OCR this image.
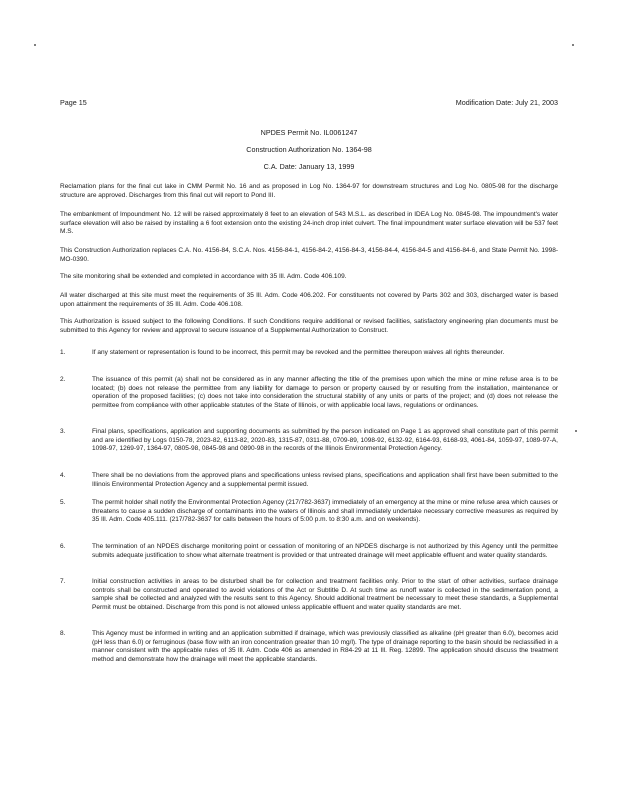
Page 15	Modification Date: July 21, 2003
NPDES Permit No. IL0061247
Construction Authorization No. 1364-98
C.A. Date: January 13, 1999
Reclamation plans for the final cut lake in CMM Permit No. 16 and as proposed in Log No. 1364-97 for downstream structures and Log No. 0805-98 for the discharge structure are approved. Discharges from this final cut will report to Pond III.
The embankment of Impoundment No. 12 will be raised approximately 8 feet to an elevation of 543 M.S.L. as described in IDEA Log No. 0845-98. The impoundment's water surface elevation will also be raised by installing a 6 foot extension onto the existing 24-inch drop inlet culvert. The final impoundment water surface elevation will be 537 feet M.S.
This Construction Authorization replaces C.A. No. 4156-84, S.C.A. Nos. 4156-84-1, 4156-84-2, 4156-84-3, 4156-84-4, 4156-84-5 and 4156-84-6, and State Permit No. 1998-MO-0390.
The site monitoring shall be extended and completed in accordance with 35 Ill. Adm. Code 406.109.
All water discharged at this site must meet the requirements of 35 Ill. Adm. Code 406.202. For constituents not covered by Parts 302 and 303, discharged water is based upon attainment the requirements of 35 Ill. Adm. Code 406.108.
This Authorization is issued subject to the following Conditions. If such Conditions require additional or revised facilities, satisfactory engineering plan documents must be submitted to this Agency for review and approval to secure issuance of a Supplemental Authorization to Construct.
1.	If any statement or representation is found to be incorrect, this permit may be revoked and the permittee thereupon waives all rights thereunder.
2.	The issuance of this permit (a) shall not be considered as in any manner affecting the title of the premises upon which the mine or mine refuse area is to be located; (b) does not release the permittee from any liability for damage to person or property caused by or resulting from the installation, maintenance or operation of the proposed facilities; (c) does not take into consideration the structural stability of any units or parts of the project; and (d) does not release the permittee from compliance with other applicable statutes of the State of Illinois, or with applicable local laws, regulations or ordinances.
3.	Final plans, specifications, application and supporting documents as submitted by the person indicated on Page 1 as approved shall constitute part of this permit and are identified by Logs 0150-78, 2023-82, 6113-82, 2020-83, 1315-87, 0311-88, 0709-89, 1098-92, 6132-92, 6164-93, 6168-93, 4061-84, 1059-97, 1089-97-A, 1098-97, 1269-97, 1364-97, 0805-98, 0845-98 and 0890-98 in the records of the Illinois Environmental Protection Agency.
4.	There shall be no deviations from the approved plans and specifications unless revised plans, specifications and application shall first have been submitted to the Illinois Environmental Protection Agency and a supplemental permit issued.
5.	The permit holder shall notify the Environmental Protection Agency (217/782-3637) immediately of an emergency at the mine or mine refuse area which causes or threatens to cause a sudden discharge of contaminants into the waters of Illinois and shall immediately undertake necessary corrective measures as required by 35 Ill. Adm. Code 405.111. (217/782-3637 for calls between the hours of 5:00 p.m. to 8:30 a.m. and on weekends).
6.	The termination of an NPDES discharge monitoring point or cessation of monitoring of an NPDES discharge is not authorized by this Agency until the permittee submits adequate justification to show what alternate treatment is provided or that untreated drainage will meet applicable effluent and water quality standards.
7.	Initial construction activities in areas to be disturbed shall be for collection and treatment facilities only. Prior to the start of other activities, surface drainage controls shall be constructed and operated to avoid violations of the Act or Subtitle D. At such time as runoff water is collected in the sedimentation pond, a sample shall be collected and analyzed with the results sent to this Agency. Should additional treatment be necessary to meet these standards, a Supplemental Permit must be obtained. Discharge from this pond is not allowed unless applicable effluent and water quality standards are met.
8.	This Agency must be informed in writing and an application submitted if drainage, which was previously classified as alkaline (pH greater than 6.0), becomes acid (pH less than 6.0) or ferruginous (base flow with an iron concentration greater than 10 mg/l). The type of drainage reporting to the basin should be reclassified in a manner consistent with the applicable rules of 35 Ill. Adm. Code 406 as amended in R84-29 at 11 Ill. Reg. 12899. The application should discuss the treatment method and demonstrate how the drainage will meet the applicable standards.
